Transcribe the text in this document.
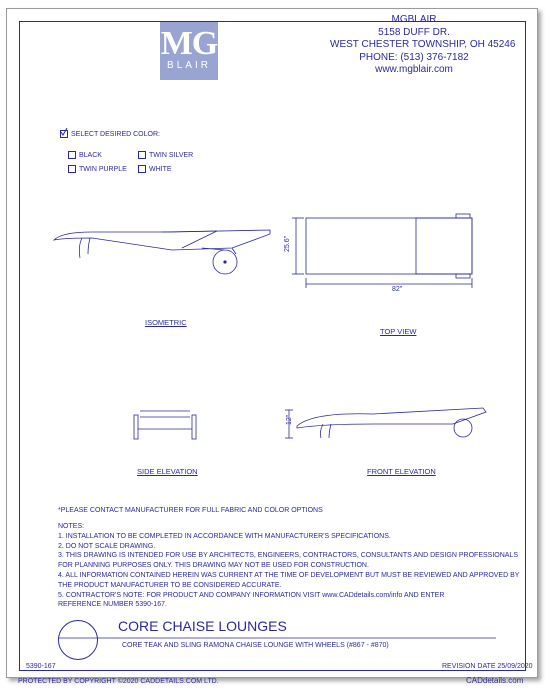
MG
BLAIR
MGBLAIR
5158 DUFF DR.
WEST CHESTER TOWNSHIP, OH 45246
PHONE: (513) 376-7182
www.mgblair.com
SELECT DESIRED COLOR:
BLACK	TWIN SILVER
TWIN PURPLE	WHITE
25.6"
82"
ISOMETRIC
TOP VIEW
12"
SIDE ELEVATION	FRONT ELEVATION
*PLEASE CONTACT MANUFACTURER FOR FULL FABRIC AND COLOR OPTIONS
NOTES:
1. INSTALLATION TO BE COMPLETED IN ACCORDANCE WITH MANUFACTURER'S SPECIFICATIONS.
2. DO NOT SCALE DRAWING.
3. THIS DRAWING IS INTENDED FOR USE BY ARCHITECTS, ENGINEERS, CONTRACTORS, CONSULTANTS AND DESIGN PROFESSIONALS
FOR PLANNING PURPOSES ONLY. THIS DRAWING MAY NOT BE USED FOR CONSTRUCTION.
4. ALL INFORMATION CONTAINED HEREIN WAS CURRENT AT THE TIME OF DEVELOPMENT BUT MUST BE REVIEWED AND APPROVED BY
THE PRODUCT MANUFACTURER TO BE CONSIDERED ACCURATE.
5. CONTRACTOR'S NOTE: FOR PRODUCT AND COMPANY INFORMATION VISIT www.CADdetails.com/info AND ENTER
REFERENCE NUMBER 5390-167.
CORE CHAISE LOUNGES
CORE TEAK AND SLING RAMONA CHAISE LOUNGE WITH WHEELS (#867 - #870)
5390-167	REVISION DATE 25/09/2020
PROTECTED BY COPYRIGHT ©2020 CADDETAILS.COM LTD.	CADdetails.com
